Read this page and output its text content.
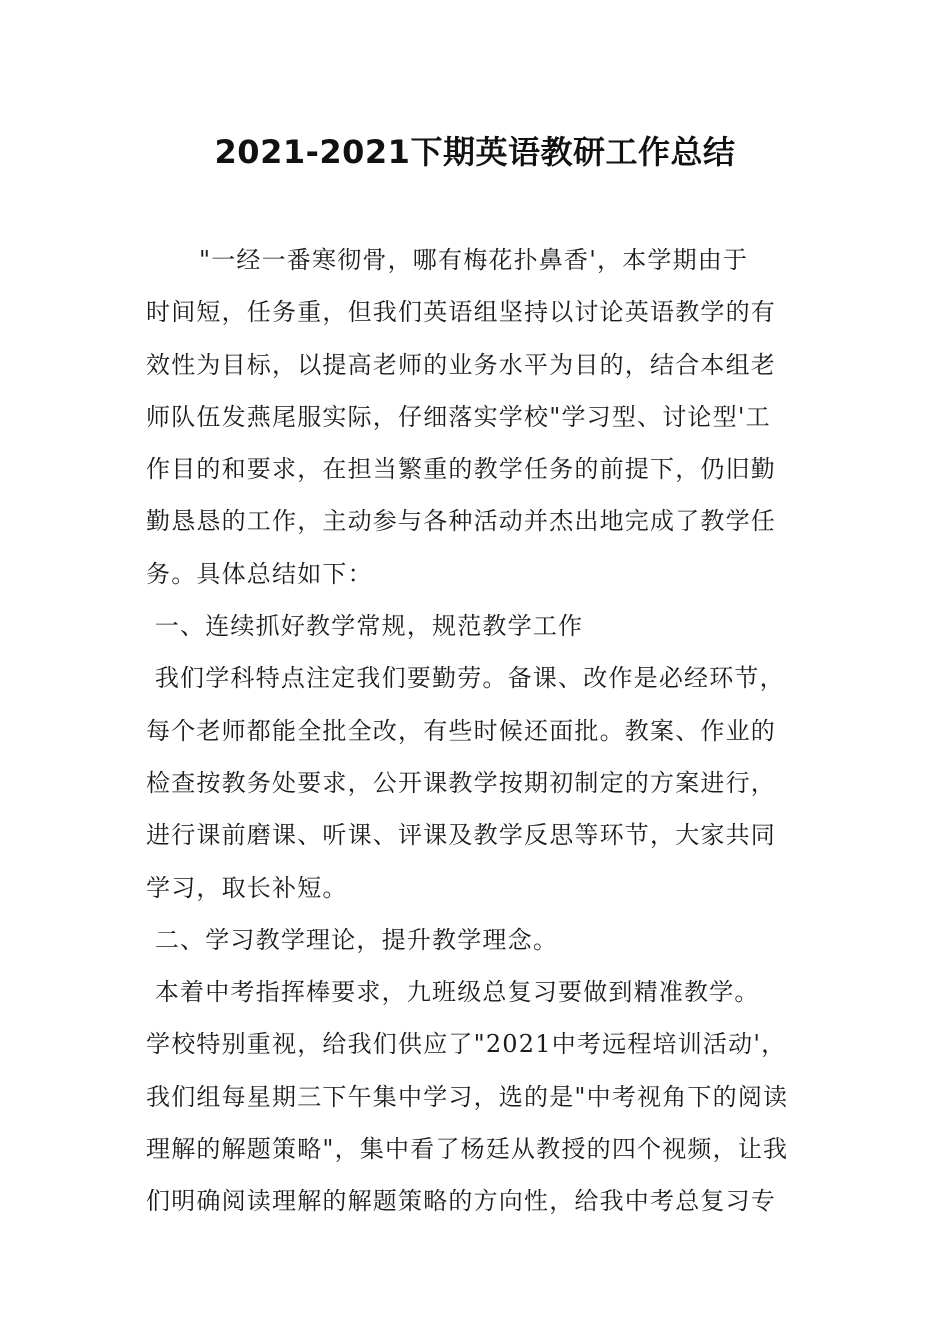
2021-2021下期英语教研工作总结
"一经一番寒彻骨，哪有梅花扑鼻香'，本学期由于
时间短，任务重，但我们英语组坚持以讨论英语教学的有
效性为目标，以提高老师的业务水平为目的，结合本组老
师队伍发燕尾服实际，仔细落实学校"学习型、讨论型'工
作目的和要求，在担当繁重的教学任务的前提下，仍旧勤
勤恳恳的工作，主动参与各种活动并杰出地完成了教学任
务。具体总结如下：
一、连续抓好教学常规，规范教学工作
我们学科特点注定我们要勤劳。备课、改作是必经环节，
每个老师都能全批全改，有些时候还面批。教案、作业的
检查按教务处要求，公开课教学按期初制定的方案进行，
进行课前磨课、听课、评课及教学反思等环节，大家共同
学习，取长补短。
二、学习教学理论，提升教学理念。
本着中考指挥棒要求，九班级总复习要做到精准教学。
学校特别重视，给我们供应了"2021中考远程培训活动'，
我们组每星期三下午集中学习，选的是"中考视角下的阅读
理解的解题策略"，集中看了杨廷从教授的四个视频，让我
们明确阅读理解的解题策略的方向性，给我中考总复习专
